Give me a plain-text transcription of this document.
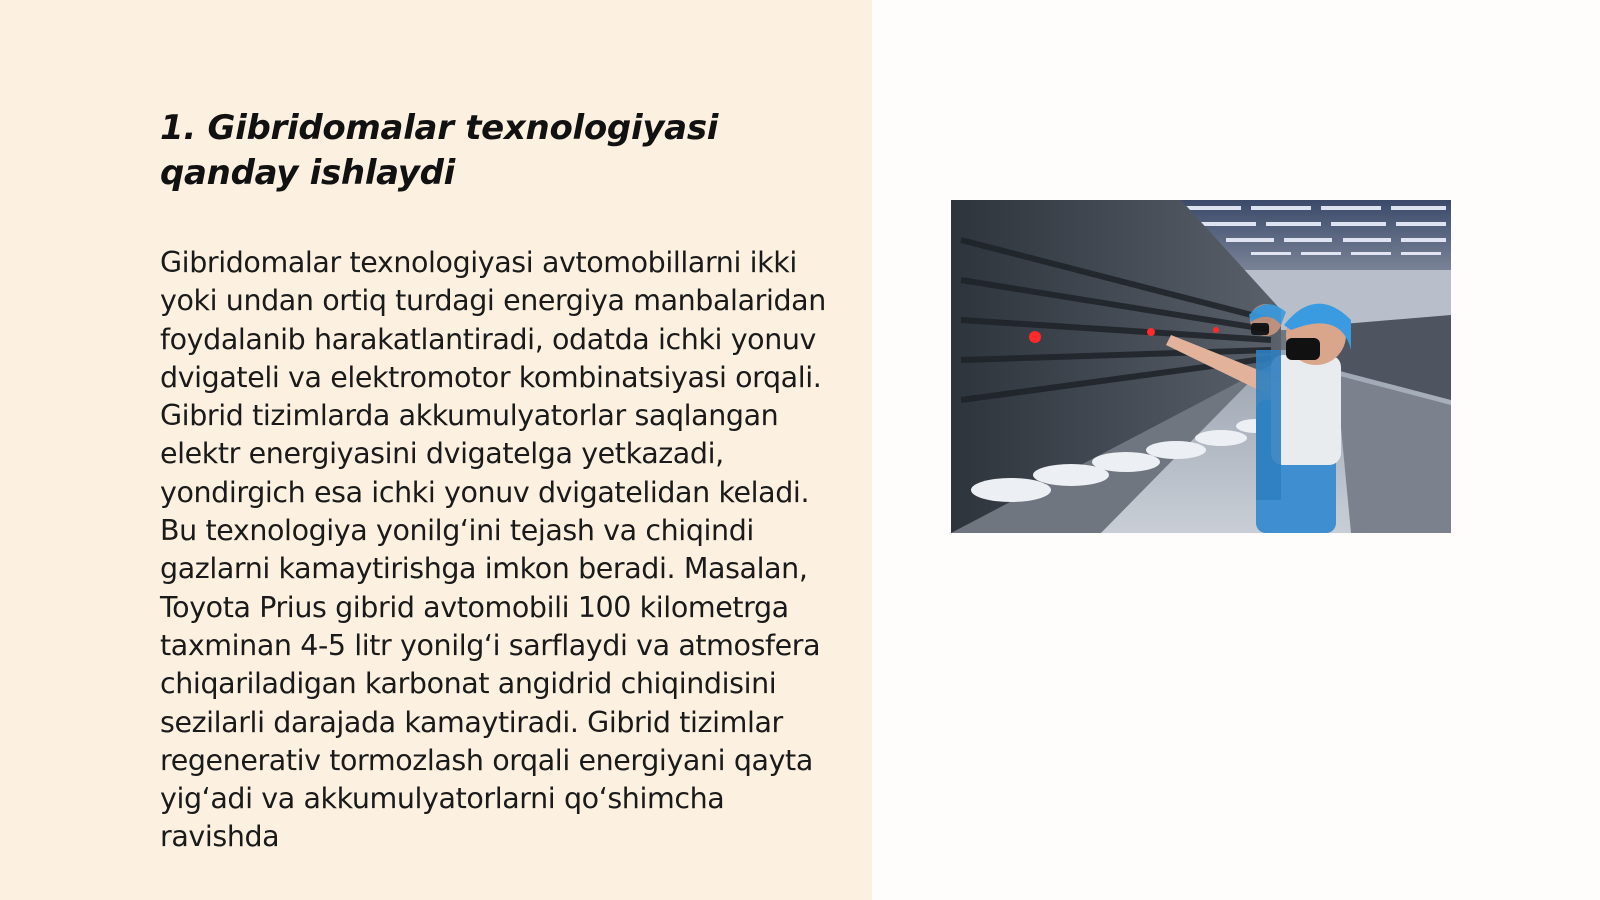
1. Gibridomalar texnologiyasi qanday ishlaydi

Gibridomalar texnologiyasi avtomobillarni ikki yoki undan ortiq turdagi energiya manbalaridan foydalanib harakatlantiradi, odatda ichki yonuv dvigateli va elektromotor kombinatsiyasi orqali. Gibrid tizimlarda akkumulyatorlar saqlangan elektr energiyasini dvigatelga yetkazadi, yondirgich esa ichki yonuv dvigatelidan keladi. Bu texnologiya yonilg‘ini tejash va chiqindi gazlarni kamaytirishga imkon beradi. Masalan, Toyota Prius gibrid avtomobili 100 kilometrga taxminan 4-5 litr yonilg‘i sarflaydi va atmosfera chiqariladigan karbonat angidrid chiqindisini sezilarli darajada kamaytiradi. Gibrid tizimlar regenerativ tormozlash orqali energiyani qayta yig‘adi va akkumulyatorlarni qo‘shimcha ravishda
